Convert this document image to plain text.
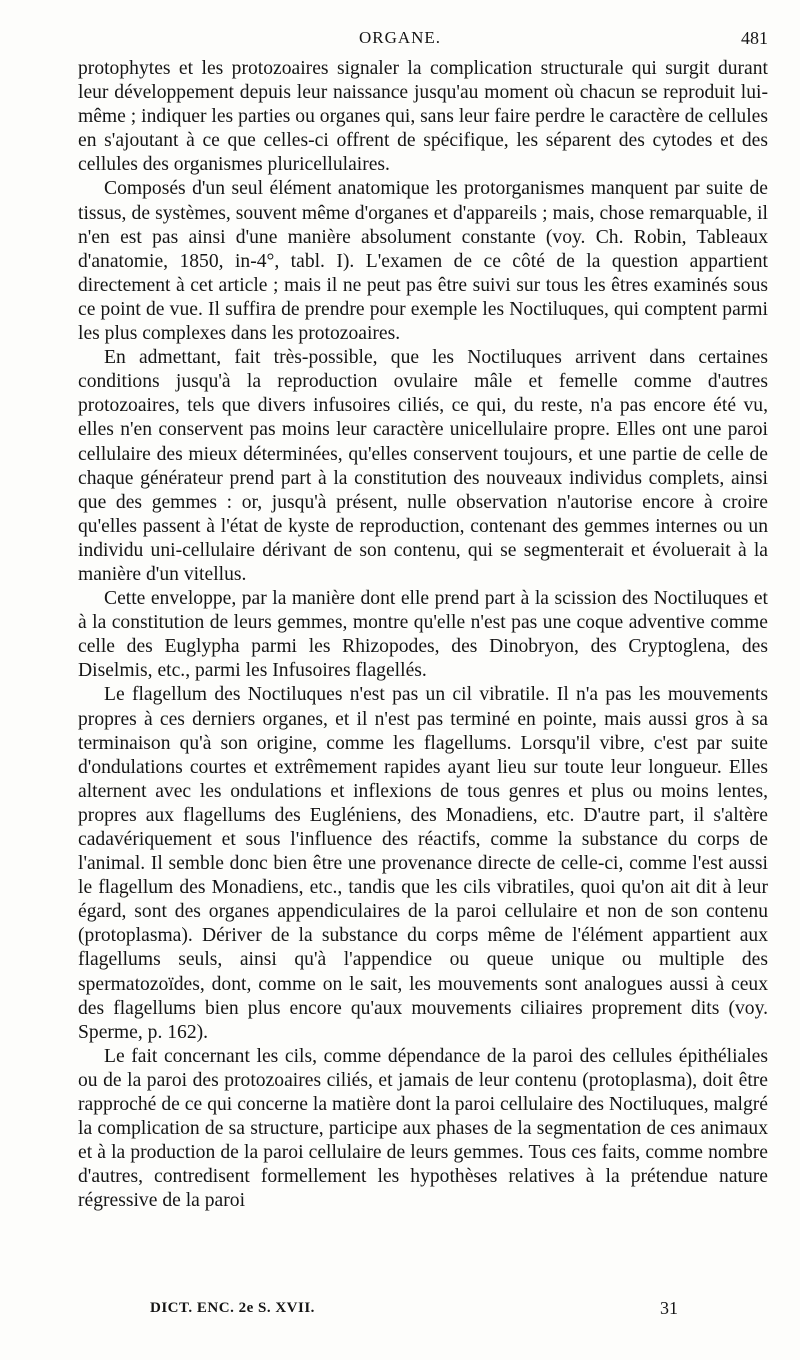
ORGANE.	481

protophytes et les protozoaires signaler la complication structurale qui surgit durant leur développement depuis leur naissance jusqu'au moment où chacun se reproduit lui-même ; indiquer les parties ou organes qui, sans leur faire perdre le caractère de cellules en s'ajoutant à ce que celles-ci offrent de spécifique, les séparent des cytodes et des cellules des organismes pluricellulaires.

Composés d'un seul élément anatomique les protorganismes manquent par suite de tissus, de systèmes, souvent même d'organes et d'appareils ; mais, chose remarquable, il n'en est pas ainsi d'une manière absolument constante (voy. Ch. Robin, Tableaux d'anatomie, 1850, in-4°, tabl. I). L'examen de ce côté de la question appartient directement à cet article ; mais il ne peut pas être suivi sur tous les êtres examinés sous ce point de vue. Il suffira de prendre pour exemple les Noctiluques, qui comptent parmi les plus complexes dans les protozoaires.

En admettant, fait très-possible, que les Noctiluques arrivent dans certaines conditions jusqu'à la reproduction ovulaire mâle et femelle comme d'autres protozoaires, tels que divers infusoires ciliés, ce qui, du reste, n'a pas encore été vu, elles n'en conservent pas moins leur caractère unicellulaire propre. Elles ont une paroi cellulaire des mieux déterminées, qu'elles conservent toujours, et une partie de celle de chaque générateur prend part à la constitution des nouveaux individus complets, ainsi que des gemmes : or, jusqu'à présent, nulle observation n'autorise encore à croire qu'elles passent à l'état de kyste de reproduction, contenant des gemmes internes ou un individu uni-cellulaire dérivant de son contenu, qui se segmenterait et évoluerait à la manière d'un vitellus.

Cette enveloppe, par la manière dont elle prend part à la scission des Noctiluques et à la constitution de leurs gemmes, montre qu'elle n'est pas une coque adventive comme celle des Euglypha parmi les Rhizopodes, des Dinobryon, des Cryptoglena, des Diselmis, etc., parmi les Infusoires flagellés.

Le flagellum des Noctiluques n'est pas un cil vibratile. Il n'a pas les mouvements propres à ces derniers organes, et il n'est pas terminé en pointe, mais aussi gros à sa terminaison qu'à son origine, comme les flagellums. Lorsqu'il vibre, c'est par suite d'ondulations courtes et extrêmement rapides ayant lieu sur toute leur longueur. Elles alternent avec les ondulations et inflexions de tous genres et plus ou moins lentes, propres aux flagellums des Eugléniens, des Monadiens, etc. D'autre part, il s'altère cadavériquement et sous l'influence des réactifs, comme la substance du corps de l'animal. Il semble donc bien être une provenance directe de celle-ci, comme l'est aussi le flagellum des Monadiens, etc., tandis que les cils vibratiles, quoi qu'on ait dit à leur égard, sont des organes appendiculaires de la paroi cellulaire et non de son contenu (protoplasma). Dériver de la substance du corps même de l'élément appartient aux flagellums seuls, ainsi qu'à l'appendice ou queue unique ou multiple des spermatozoïdes, dont, comme on le sait, les mouvements sont analogues aussi à ceux des flagellums bien plus encore qu'aux mouvements ciliaires proprement dits (voy. Sperme, p. 162).

Le fait concernant les cils, comme dépendance de la paroi des cellules épithéliales ou de la paroi des protozoaires ciliés, et jamais de leur contenu (protoplasma), doit être rapproché de ce qui concerne la matière dont la paroi cellulaire des Noctiluques, malgré la complication de sa structure, participe aux phases de la segmentation de ces animaux et à la production de la paroi cellulaire de leurs gemmes. Tous ces faits, comme nombre d'autres, contredisent formellement les hypothèses relatives à la prétendue nature régressive de la paroi

DICT. ENC. 2e S. XVII.	31
